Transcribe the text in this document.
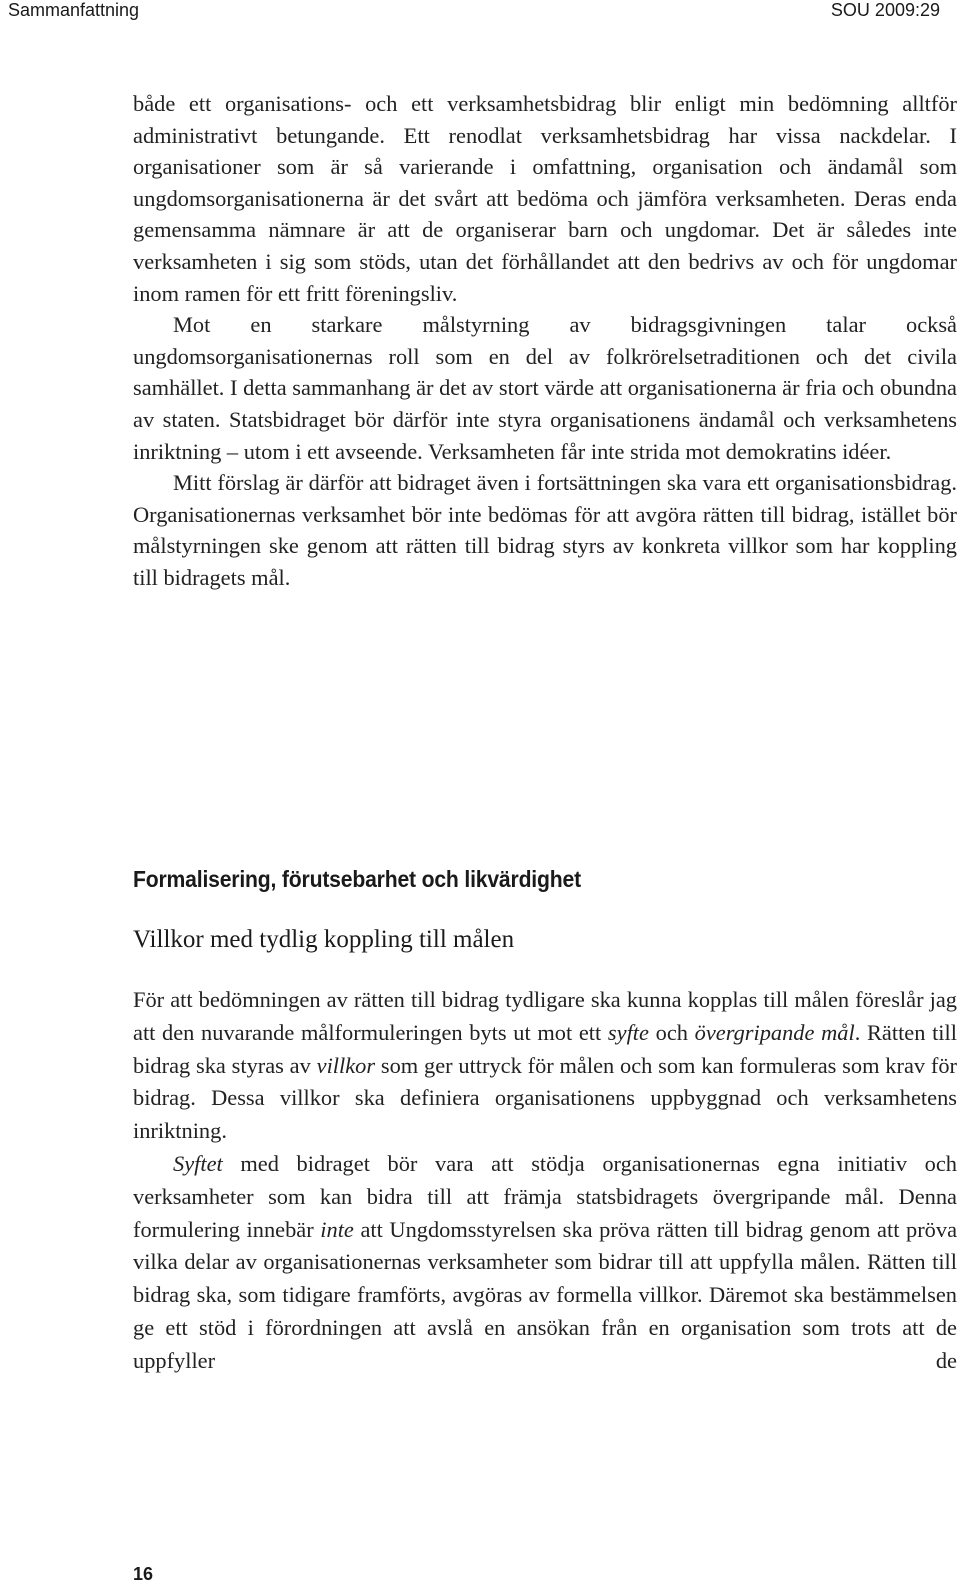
Sammanfattning	SOU 2009:29

både ett organisations- och ett verksamhetsbidrag blir enligt min bedömning alltför administrativt betungande. Ett renodlat verksamhetsbidrag har vissa nackdelar. I organisationer som är så varierande i omfattning, organisation och ändamål som ungdomsorganisationerna är det svårt att bedöma och jämföra verksamheten. Deras enda gemensamma nämnare är att de organiserar barn och ungdomar. Det är således inte verksamheten i sig som stöds, utan det förhållandet att den bedrivs av och för ungdomar inom ramen för ett fritt föreningsliv.

Mot en starkare målstyrning av bidragsgivningen talar också ungdomsorganisationernas roll som en del av folkrörelsetraditionen och det civila samhället. I detta sammanhang är det av stort värde att organisationerna är fria och obundna av staten. Statsbidraget bör därför inte styra organisationens ändamål och verksamhetens inriktning – utom i ett avseende. Verksamheten får inte strida mot demokratins idéer.

Mitt förslag är därför att bidraget även i fortsättningen ska vara ett organisationsbidrag. Organisationernas verksamhet bör inte bedömas för att avgöra rätten till bidrag, istället bör målstyrningen ske genom att rätten till bidrag styrs av konkreta villkor som har koppling till bidragets mål.

Formalisering, förutsebarhet och likvärdighet
Villkor med tydlig koppling till målen

För att bedömningen av rätten till bidrag tydligare ska kunna kopplas till målen föreslår jag att den nuvarande målformuleringen byts ut mot ett syfte och övergripande mål. Rätten till bidrag ska styras av villkor som ger uttryck för målen och som kan formuleras som krav för bidrag. Dessa villkor ska definiera organisationens uppbyggnad och verksamhetens inriktning.

Syftet med bidraget bör vara att stödja organisationernas egna initiativ och verksamheter som kan bidra till att främja statsbidragets övergripande mål. Denna formulering innebär inte att Ungdomsstyrelsen ska pröva rätten till bidrag genom att pröva vilka delar av organisationernas verksamheter som bidrar till att uppfylla målen. Rätten till bidrag ska, som tidigare framförts, avgöras av formella villkor. Däremot ska bestämmelsen ge ett stöd i förordningen att avslå en ansökan från en organisation som trots att de uppfyller de

16
